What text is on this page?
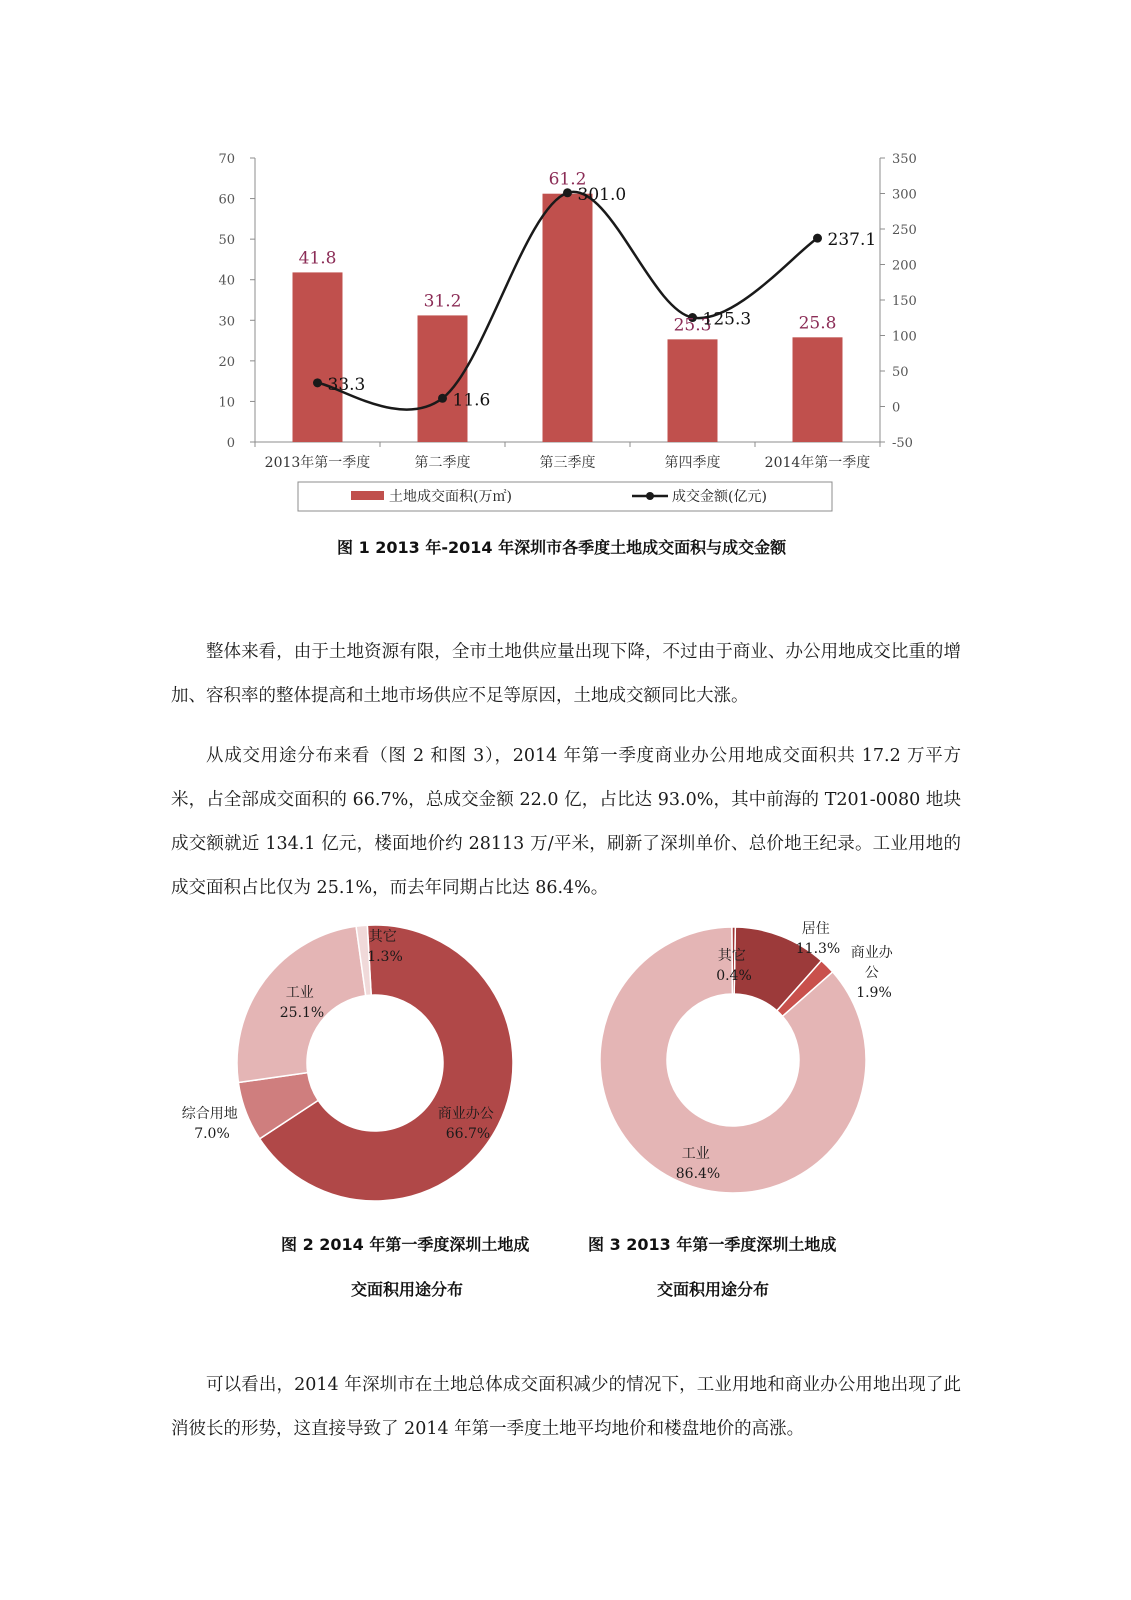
0
10
20
30
40
50
60
70
-50
0
50
100
150
200
250
300
350
2013年第一季度	第二季度	第三季度	第四季度	2014年第一季度
41.8
31.2
61.2
25.3	25.8
33.3
11.6
301.0
125.3
237.1
土地成交面积(万㎡)	成交金额(亿元)

图 1 2013 年-2014 年深圳市各季度土地成交面积与成交金额

整体来看，由于土地资源有限，全市土地供应量出现下降，不过由于商业、办公用地成交比重的增加、容积率的整体提高和土地市场供应不足等原因，土地成交额同比大涨。

从成交用途分布来看（图 2 和图 3），2014 年第一季度商业办公用地成交面积共 17.2 万平方米，占全部成交面积的 66.7%，总成交金额 22.0 亿，占比达 93.0%，其中前海的 T201-0080 地块成交额就近 134.1 亿元，楼面地价约 28113 万/平米，刷新了深圳单价、总价地王纪录。工业用地的成交面积占比仅为 25.1%，而去年同期占比达 86.4%。

其它 1.3%
工业 25.1%
综合用地 7.0%
商业办公 66.7%
居住 11.3% 商业办 公 1.9%
其它 0.4%
工业 86.4%

图 2 2014 年第一季度深圳土地成

交面积用途分布

图 3 2013 年第一季度深圳土地成

交面积用途分布

可以看出，2014 年深圳市在土地总体成交面积减少的情况下，工业用地和商业办公用地出现了此消彼长的形势，这直接导致了 2014 年第一季度土地平均地价和楼盘地价的高涨。
